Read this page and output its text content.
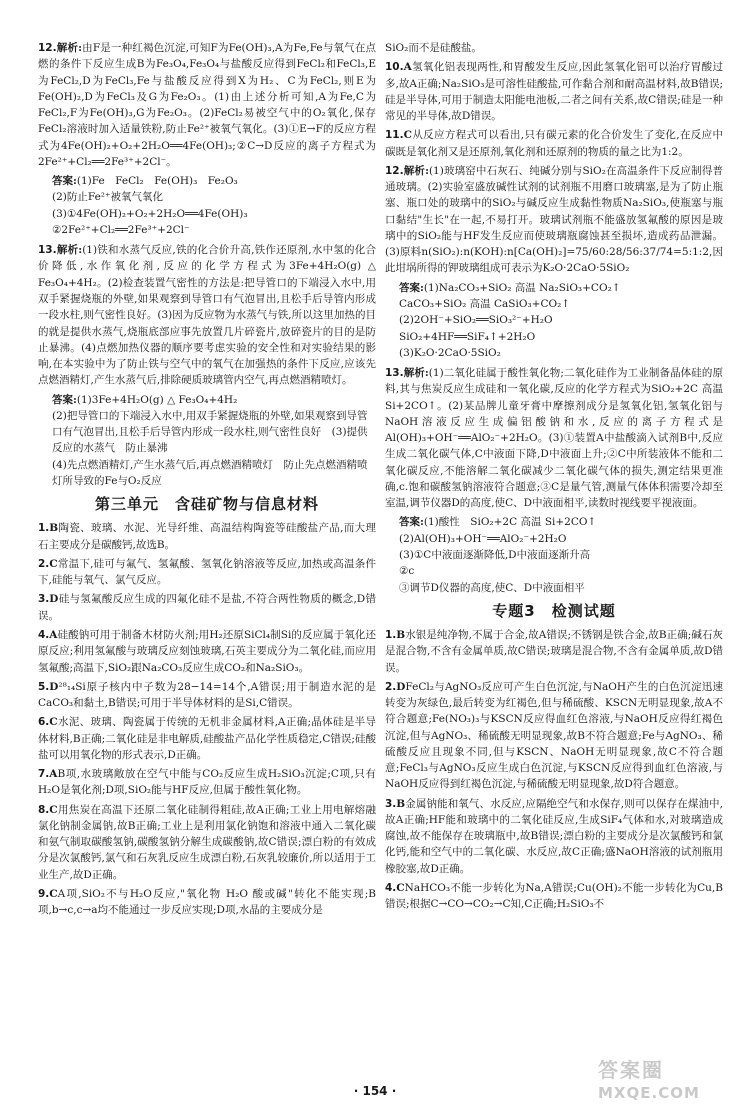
12.解析:由F是一种红褐色沉淀,可知F为Fe(OH)₃,A为Fe,Fe与氧气在点燃的条件下反应生成B为Fe₃O₄,Fe₃O₄与盐酸反应得到FeCl₂和FeCl₃,E为FeCl₂,D为FeCl₃,Fe与盐酸反应得到X为H₂、C为FeCl₂,则E为Fe(OH)₂,D为FeCl₃及G为Fe₂O₃。(1)由上述分析可知,A为Fe,C为FeCl₂,F为Fe(OH)₃,G为Fe₂O₃。(2)FeCl₂易被空气中的O₂氧化,保存FeCl₂溶液时加入适量铁粉,防止Fe²⁺被氧气氧化。(3)①E→F的反应方程式为4Fe(OH)₂+O₂+2H₂O══4Fe(OH)₃;②C→D反应的离子方程式为2Fe²⁺+Cl₂══2Fe³⁺+2Cl⁻。

答案:(1)Fe　FeCl₂　Fe(OH)₃　Fe₂O₃
(2)防止Fe²⁺被氧气氧化
(3)①4Fe(OH)₂+O₂+2H₂O══4Fe(OH)₃
②2Fe²⁺+Cl₂══2Fe³⁺+2Cl⁻

13.解析:(1)铁和水蒸气反应,铁的化合价升高,铁作还原剂,水中氢的化合价降低,水作氧化剂,反应的化学方程式为3Fe+4H₂O(g) △ Fe₃O₄+4H₂。(2)检查装置气密性的方法是:把导管口的下端浸入水中,用双手紧握烧瓶的外壁,如果观察到导管口有气泡冒出,且松手后导管内形成一段水柱,则气密性良好。(3)因为反应物为水蒸气与铁,所以这里加热的目的就是提供水蒸气,烧瓶底部应事先放置几片碎瓷片,放碎瓷片的目的是防止暴沸。(4)点燃加热仪器的顺序要考虑实验的安全性和对实验结果的影响,在本实验中为了防止铁与空气中的氧气在加强热的条件下反应,应该先点燃酒精灯,产生水蒸气后,排除硬质玻璃管内空气,再点燃酒精喷灯。

答案:(1)3Fe+4H₂O(g) △ Fe₃O₄+4H₂
(2)把导管口的下端浸入水中,用双手紧握烧瓶的外壁,如果观察到导管口有气泡冒出,且松手后导管内形成一段水柱,则气密性良好　(3)提供反应的水蒸气　防止暴沸
(4)先点燃酒精灯,产生水蒸气后,再点燃酒精喷灯　防止先点燃酒精喷灯所导致的Fe与O₂反应
第三单元　含硅矿物与信息材料

1.B陶瓷、玻璃、水泥、光导纤维、高温结构陶瓷等硅酸盐产品,而大理石主要成分是碳酸钙,故选B。

2.C常温下,硅可与氟气、氢氟酸、氢氧化钠溶液等反应,加热或高温条件下,硅能与氧气、氯气反应。

3.D硅与氢氟酸反应生成的四氟化硅不是盐,不符合两性物质的概念,D错误。

4.A硅酸钠可用于制备木材防火剂;用H₂还原SiCl₄制Si的反应属于氧化还原反应;利用氢氟酸与玻璃反应刻蚀玻璃,石英主要成分为二氧化硅,而应用氢氟酸;高温下,SiO₂跟Na₂CO₃反应生成CO₂和Na₂SiO₃。

5.D²⁸₁₄Si原子核内中子数为28−14=14个,A错误;用于制造水泥的是CaCO₃和黏土,B错误;可用于半导体材料的是Si,C错误。

6.C水泥、玻璃、陶瓷属于传统的无机非金属材料,A正确;晶体硅是半导体材料,B正确;二氧化硅是非电解质,硅酸盐产品化学性质稳定,C错误;硅酸盐可以用氧化物的形式表示,D正确。

7.AB项,水玻璃敞放在空气中能与CO₂反应生成H₂SiO₃沉淀;C项,只有H₂O是氧化剂;D项,SiO₂能与HF反应,但属于酸性氧化物。

8.C用焦炭在高温下还原二氧化硅制得粗硅,故A正确;工业上用电解熔融氯化钠制金属钠,故B正确;工业上是利用氯化钠饱和溶液中通入二氧化碳和氨气制取碳酸氢钠,碳酸氢钠分解生成碳酸钠,故C错误;漂白粉的有效成分是次氯酸钙,氯气和石灰乳反应生成漂白粉,石灰乳较廉价,所以适用于工业生产,故D正确。

9.CA项,SiO₂不与H₂O反应,"氧化物 H₂O 酸或碱"转化不能实现;B项,b→c,c→a均不能通过一步反应实现;D项,水晶的主要成分是

SiO₂而不是硅酸盐。

10.A氢氧化铝表现两性,和胃酸发生反应,因此氢氧化铝可以治疗胃酸过多,故A正确;Na₂SiO₃是可溶性硅酸盐,可作黏合剂和耐高温材料,故B错误;硅是半导体,可用于制造太阳能电池板,二者之间有关系,故C错误;硅是一种常见的半导体,故D错误。

11.C从反应方程式可以看出,只有碳元素的化合价发生了变化,在反应中碳既是氧化剂又是还原剂,氧化剂和还原剂的物质的量之比为1:2。

12.解析:(1)玻璃窑中石灰石、纯碱分别与SiO₂在高温条件下反应制得普通玻璃。(2)实验室盛放碱性试剂的试剂瓶不用磨口玻璃塞,是为了防止瓶塞、瓶口处的玻璃中的SiO₂与碱反应生成黏性物质Na₂SiO₃,使瓶塞与瓶口黏结"生长"在一起,不易打开。玻璃试剂瓶不能盛放氢氟酸的原因是玻璃中的SiO₂能与HF发生反应而使玻璃瓶腐蚀甚至损坏,造成药品泄漏。(3)原料n(SiO₂):n(KOH):n[Ca(OH)₂]=75/60:28/56:37/74=5:1:2,因此坩埚所得的钾玻璃组成可表示为K₂O·2CaO·5SiO₂

答案:(1)Na₂CO₃+SiO₂ 高温 Na₂SiO₃+CO₂↑
CaCO₃+SiO₂ 高温 CaSiO₃+CO₂↑
(2)2OH⁻+SiO₂══SiO₃²⁻+H₂O
SiO₂+4HF══SiF₄↑+2H₂O
(3)K₂O·2CaO·5SiO₂

13.解析:(1)二氧化硅属于酸性氧化物;二氧化硅作为工业制备晶体硅的原料,其与焦炭反应生成硅和一氧化碳,反应的化学方程式为SiO₂+2C 高温 Si+2CO↑。(2)某品牌儿童牙膏中摩擦剂成分是氢氧化铝,氢氧化铝与NaOH溶液反应生成偏铝酸钠和水,反应的离子方程式是Al(OH)₃+OH⁻══AlO₂⁻+2H₂O。(3)①装置A中盐酸滴入试剂B中,反应生成二氧化碳气体,C中液面下降,D中液面上升;②C中所装液体不能和二氧化碳反应,不能溶解二氧化碳减少二氧化碳气体的损失,测定结果更准确,c.饱和碳酸氢钠溶液符合题意;③C是量气管,测量气体体积需要冷却至室温,调节仪器D的高度,使C、D中液面相平,读数时视线要平视液面。

答案:(1)酸性　SiO₂+2C 高温 Si+2CO↑
(2)Al(OH)₃+OH⁻══AlO₂⁻+2H₂O
(3)①C中液面逐渐降低,D中液面逐渐升高
②c
③调节D仪器的高度,使C、D中液面相平
专题3　检测试题

1.B水银是纯净物,不属于合金,故A错误;不锈钢是铁合金,故B正确;碱石灰是混合物,不含有金属单质,故C错误;玻璃是混合物,不含有金属单质,故D错误。

2.DFeCl₂与AgNO₃反应可产生白色沉淀,与NaOH产生的白色沉淀迅速转变为灰绿色,最后转变为红褐色,但与稀硫酸、KSCN无明显现象,故A不符合题意;Fe(NO₃)₃与KSCN反应得血红色溶液,与NaOH反应得红褐色沉淀,但与AgNO₃、稀硫酸无明显现象,故B不符合题意;Fe与AgNO₃、稀硫酸反应且现象不同,但与KSCN、NaOH无明显现象,故C不符合题意;FeCl₃与AgNO₃反应生成白色沉淀,与KSCN反应得到血红色溶液,与NaOH反应得到红褐色沉淀,与稀硫酸无明显现象,故D符合题意。

3.B金属钠能和氧气、水反应,应隔绝空气和水保存,则可以保存在煤油中,故A正确;HF能和玻璃中的二氧化硅反应,生成SiF₄气体和水,对玻璃造成腐蚀,故不能保存在玻璃瓶中,故B错误;漂白粉的主要成分是次氯酸钙和氯化钙,能和空气中的二氧化碳、水反应,故C正确;盛NaOH溶液的试剂瓶用橡胶塞,故D正确。

4.CNaHCO₃不能一步转化为Na,A错误;Cu(OH)₂不能一步转化为Cu,B错误;根据C→CO→CO₂→C知,C正确;H₂SiO₃不

· 154 ·
答案圈
MXQE.COM
